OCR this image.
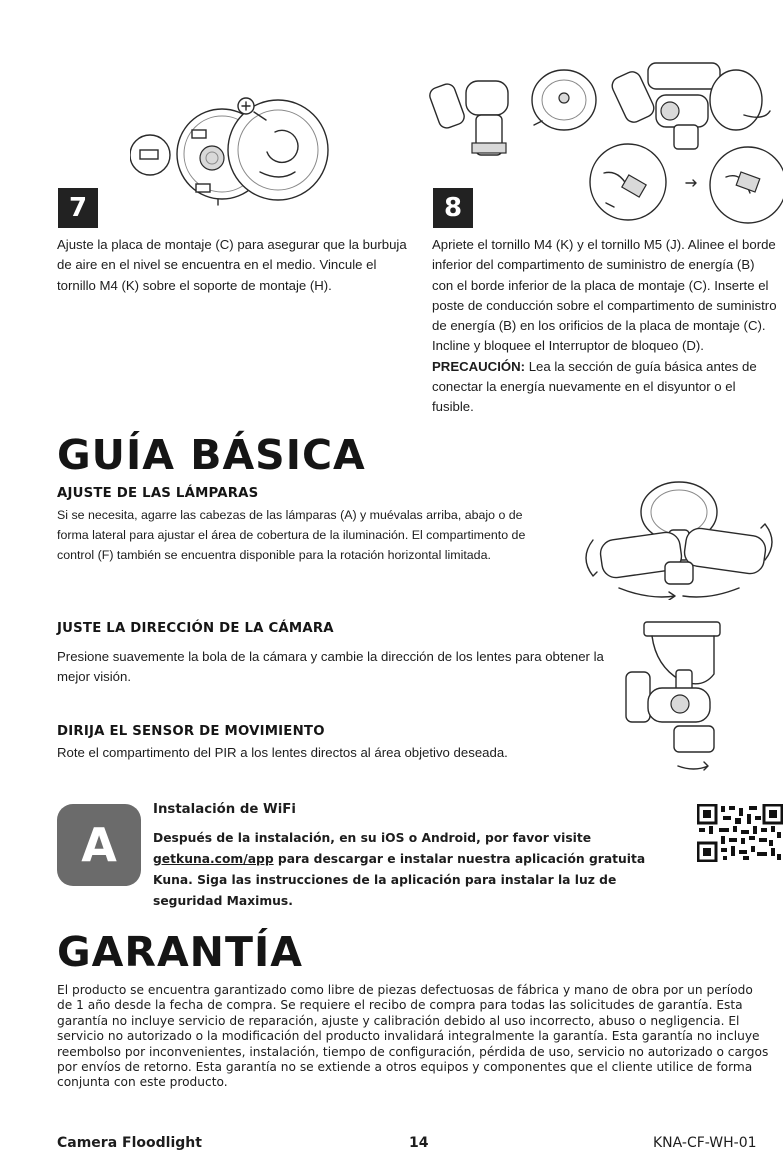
7
Ajuste la placa de montaje (C) para asegurar que la burbuja de aire en el nivel se encuentra en el medio. Vincule el tornillo M4 (K) sobre el soporte de montaje (H).
8
Apriete el tornillo M4 (K) y el tornillo M5 (J). Alinee el borde inferior del compartimento de suministro de energía (B) con el borde inferior de la placa de montaje (C). Inserte el poste de conducción sobre el compartimento de suministro de energía (B) en los orificios de la placa de montaje (C). Incline y bloquee el Interruptor de bloqueo (D).
PRECAUCIÓN: Lea la sección de guía básica antes de conectar la energía nuevamente en el disyuntor o el fusible.
GUÍA BÁSICA
AJUSTE DE LAS LÁMPARAS
Si se necesita, agarre las cabezas de las lámparas (A) y muévalas arriba, abajo o de forma lateral para ajustar el área de cobertura de la iluminación. El compartimento de control (F) también se encuentra disponible para la rotación horizontal limitada.
JUSTE LA DIRECCIÓN DE LA CÁMARA
Presione suavemente la bola de la cámara y cambie la dirección de los lentes para obtener la mejor visión.
DIRIJA EL SENSOR DE MOVIMIENTO
Rote el compartimento del PIR a los lentes directos al área objetivo deseada.
A
Instalación de WiFi
Después de la instalación, en su iOS o Android, por favor visite getkuna.com/app para descargar e instalar nuestra aplicación gratuita Kuna. Siga las instrucciones de la aplicación para instalar la luz de seguridad Maximus.
GARANTÍA
El producto se encuentra garantizado como libre de piezas defectuosas de fábrica y mano de obra por un período de 1 año desde la fecha de compra. Se requiere el recibo de compra para todas las solicitudes de garantía. Esta garantía no incluye servicio de reparación, ajuste y calibración debido al uso incorrecto, abuso o negligencia. El servicio no autorizado o la modificación del producto invalidará integralmente la garantía. Esta garantía no incluye reembolso por inconvenientes, instalación, tiempo de configuración, pérdida de uso, servicio no autorizado o cargos por envíos de retorno. Esta garantía no se extiende a otros equipos y componentes que el cliente utilice de forma conjunta con este producto.
Camera Floodlight	14	KNA-CF-WH-01
